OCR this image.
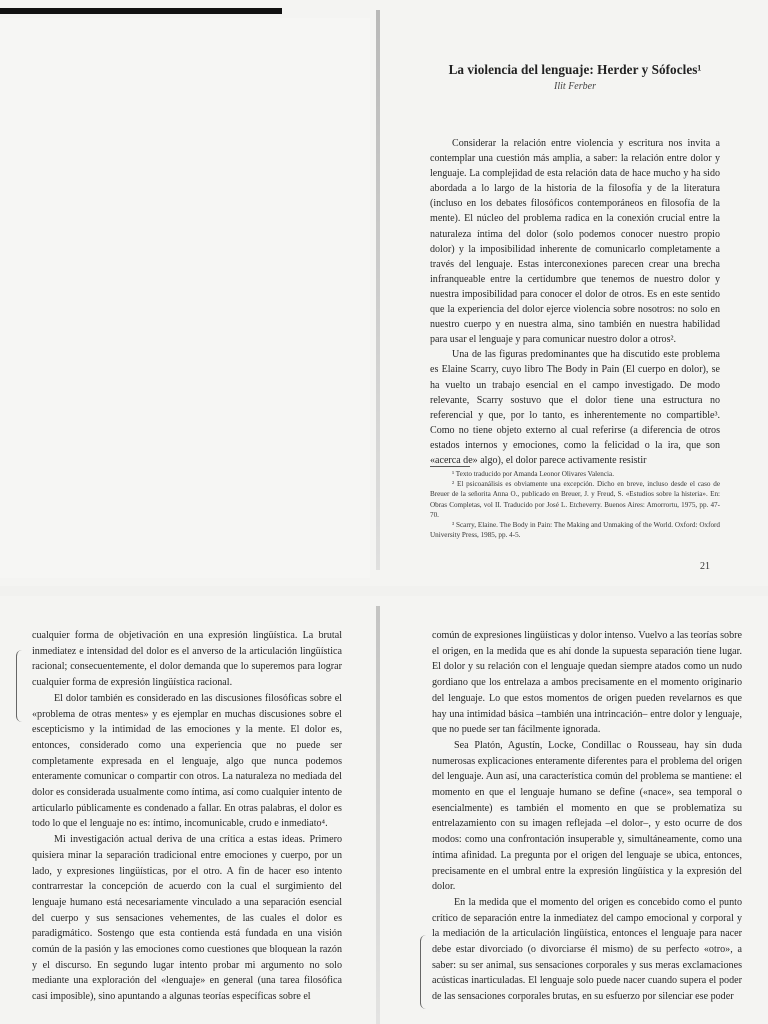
La violencia del lenguaje: Herder y Sófocles¹
Ilit Ferber

Considerar la relación entre violencia y escritura nos invita a contemplar una cuestión más amplia, a saber: la relación entre dolor y lenguaje. La complejidad de esta relación data de hace mucho y ha sido abordada a lo largo de la historia de la filosofía y de la literatura (incluso en los debates filosóficos contemporáneos en filosofía de la mente). El núcleo del problema radica en la conexión crucial entre la naturaleza íntima del dolor (solo podemos conocer nuestro propio dolor) y la imposibilidad inherente de comunicarlo completamente a través del lenguaje. Estas interconexiones parecen crear una brecha infranqueable entre la certidumbre que tenemos de nuestro dolor y nuestra imposibilidad para conocer el dolor de otros. Es en este sentido que la experiencia del dolor ejerce violencia sobre nosotros: no solo en nuestro cuerpo y en nuestra alma, sino también en nuestra habilidad para usar el lenguaje y para comunicar nuestro dolor a otros².

Una de las figuras predominantes que ha discutido este problema es Elaine Scarry, cuyo libro The Body in Pain (El cuerpo en dolor), se ha vuelto un trabajo esencial en el campo investigado. De modo relevante, Scarry sostuvo que el dolor tiene una estructura no referencial y que, por lo tanto, es inherentemente no compartible³. Como no tiene objeto externo al cual referirse (a diferencia de otros estados internos y emociones, como la felicidad o la ira, que son «acerca de» algo), el dolor parece activamente resistir

¹ Texto traducido por Amanda Leonor Olivares Valencia.

² El psicoanálisis es obviamente una excepción. Dicho en breve, incluso desde el caso de Breuer de la señorita Anna O., publicado en Breuer, J. y Freud, S. «Estudios sobre la histeria». En: Obras Completas, vol II. Traducido por José L. Etcheverry. Buenos Aires: Amorrortu, 1975, pp. 47-70.

³ Scarry, Elaine. The Body in Pain: The Making and Unmaking of the World. Oxford: Oxford University Press, 1985, pp. 4-5.

21

cualquier forma de objetivación en una expresión lingüística. La brutal inmediatez e intensidad del dolor es el anverso de la articulación lingüística racional; consecuentemente, el dolor demanda que lo superemos para lograr cualquier forma de expresión lingüística racional.

El dolor también es considerado en las discusiones filosóficas sobre el «problema de otras mentes» y es ejemplar en muchas discusiones sobre el escepticismo y la intimidad de las emociones y la mente. El dolor es, entonces, considerado como una experiencia que no puede ser completamente expresada en el lenguaje, algo que nunca podemos enteramente comunicar o compartir con otros. La naturaleza no mediada del dolor es considerada usualmente como íntima, así como cualquier intento de articularlo públicamente es condenado a fallar. En otras palabras, el dolor es todo lo que el lenguaje no es: íntimo, incomunicable, crudo e inmediato⁴.

Mi investigación actual deriva de una crítica a estas ideas. Primero quisiera minar la separación tradicional entre emociones y cuerpo, por un lado, y expresiones lingüísticas, por el otro. A fin de hacer eso intento contrarrestar la concepción de acuerdo con la cual el surgimiento del lenguaje humano está necesariamente vinculado a una separación esencial del cuerpo y sus sensaciones vehementes, de las cuales el dolor es paradigmático. Sostengo que esta contienda está fundada en una visión común de la pasión y las emociones como cuestiones que bloquean la razón y el discurso. En segundo lugar intento probar mi argumento no solo mediante una exploración del «lenguaje» en general (una tarea filosófica casi imposible), sino apuntando a algunas teorías específicas sobre el

común de expresiones lingüísticas y dolor intenso. Vuelvo a las teorías sobre el origen, en la medida que es ahí donde la supuesta separación tiene lugar. El dolor y su relación con el lenguaje quedan siempre atados como un nudo gordiano que los entrelaza a ambos precisamente en el momento originario del lenguaje. Lo que estos momentos de origen pueden revelarnos es que hay una intimidad básica –también una intrincación– entre dolor y lenguaje, que no puede ser tan fácilmente ignorada.

Sea Platón, Agustín, Locke, Condillac o Rousseau, hay sin duda numerosas explicaciones enteramente diferentes para el problema del origen del lenguaje. Aun así, una característica común del problema se mantiene: el momento en que el lenguaje humano se define («nace», sea temporal o esencialmente) es también el momento en que se problematiza su entrelazamiento con su imagen reflejada –el dolor–, y esto ocurre de dos modos: como una confrontación insuperable y, simultáneamente, como una íntima afinidad. La pregunta por el origen del lenguaje se ubica, entonces, precisamente en el umbral entre la expresión lingüística y la expresión del dolor.

En la medida que el momento del origen es concebido como el punto crítico de separación entre la inmediatez del campo emocional y corporal y la mediación de la articulación lingüística, entonces el lenguaje para nacer debe estar divorciado (o divorciarse él mismo) de su perfecto «otro», a saber: su ser animal, sus sensaciones corporales y sus meras exclamaciones acústicas inarticuladas. El lenguaje solo puede nacer cuando supera el poder de las sensaciones corporales brutas, en su esfuerzo por silenciar ese poder
